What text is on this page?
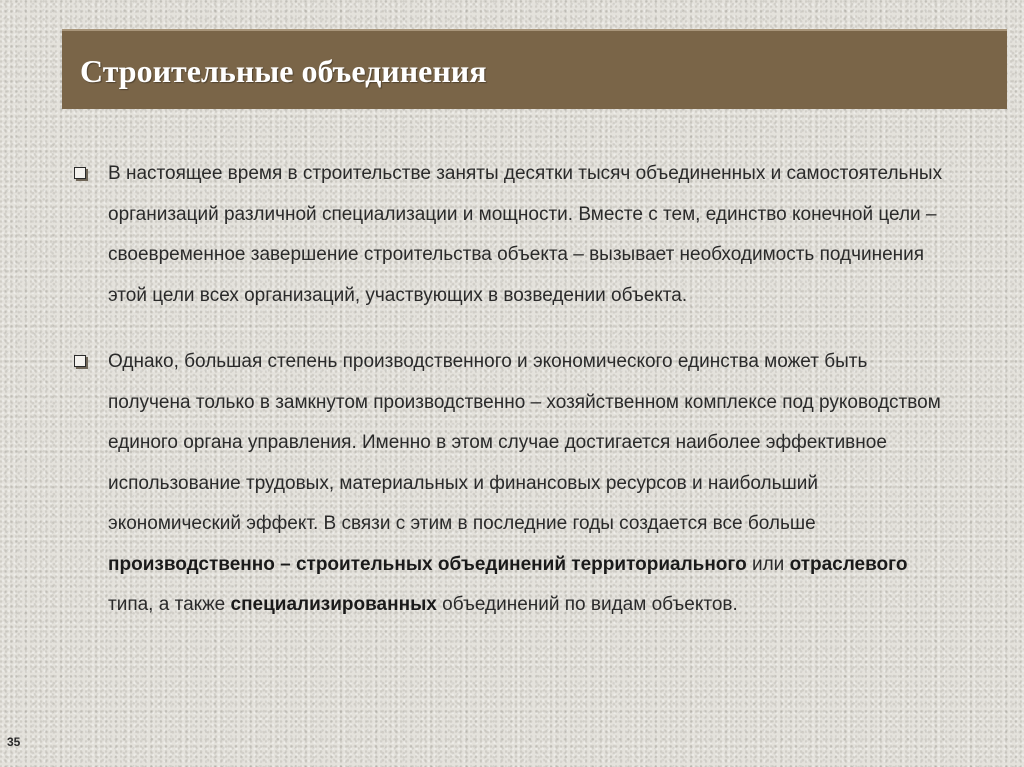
Строительные объединения
В настоящее время в строительстве заняты десятки тысяч объединенных и самостоятельных организаций различной специализации и мощности. Вместе с тем, единство конечной цели – своевременное завершение строительства объекта – вызывает необходимость подчинения этой цели всех организаций, участвующих в возведении объекта.
Однако, большая степень производственного и экономического единства может быть получена только в замкнутом производственно – хозяйственном комплексе под руководством единого органа управления. Именно в этом случае достигается наиболее эффективное использование трудовых, материальных и финансовых ресурсов и наибольший экономический эффект. В связи с этим в последние годы создается все больше производственно – строительных объединений территориального или отраслевого типа, а также специализированных объединений по видам объектов.
35
